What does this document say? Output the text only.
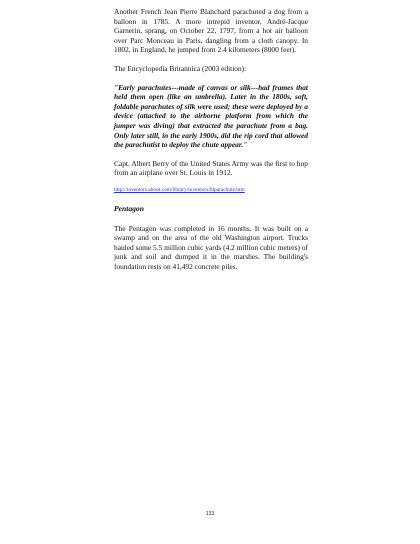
Another French Jean Pierre Blanchard parachuted a dog from a balloon in 1785. A more intrepid inventor, André-Jacque Garnerin, sprang, on October 22, 1797, from a hot air balloon over Parc Monceau in Paris, dangling from a cloth canopy. In 1802, in England, he jumped from 2.4 kilometers (8000 feet).

The Encyclopedia Britannica (2003 edition):

"Early parachutes---made of canvas or silk---had frames that held them open (like an umbrella). Later in the 1800s, soft, foldable parachutes of silk were used; these were deployed by a device (attached to the airborne platform from which the jumper was diving) that extracted the parachute from a bag. Only later still, in the early 1900s, did the rip cord that allowed the parachutist to deploy the chute appear."

Capt. Albert Berry of the United States Army was the first to hop from an airplane over St. Louis in 1912.

http://inventors.about.com/library/inventors/blparachute.htm

Pentagon

The Pentagon was completed in 16 months. It was built on a swamp and on the area of the old Washington airport. Trucks hauled some 5.5 million cubic yards (4.2 million cubic meters) of junk and soil and dumped it in the marshes. The building's foundation rests on 41,492 concrete piles.

133
